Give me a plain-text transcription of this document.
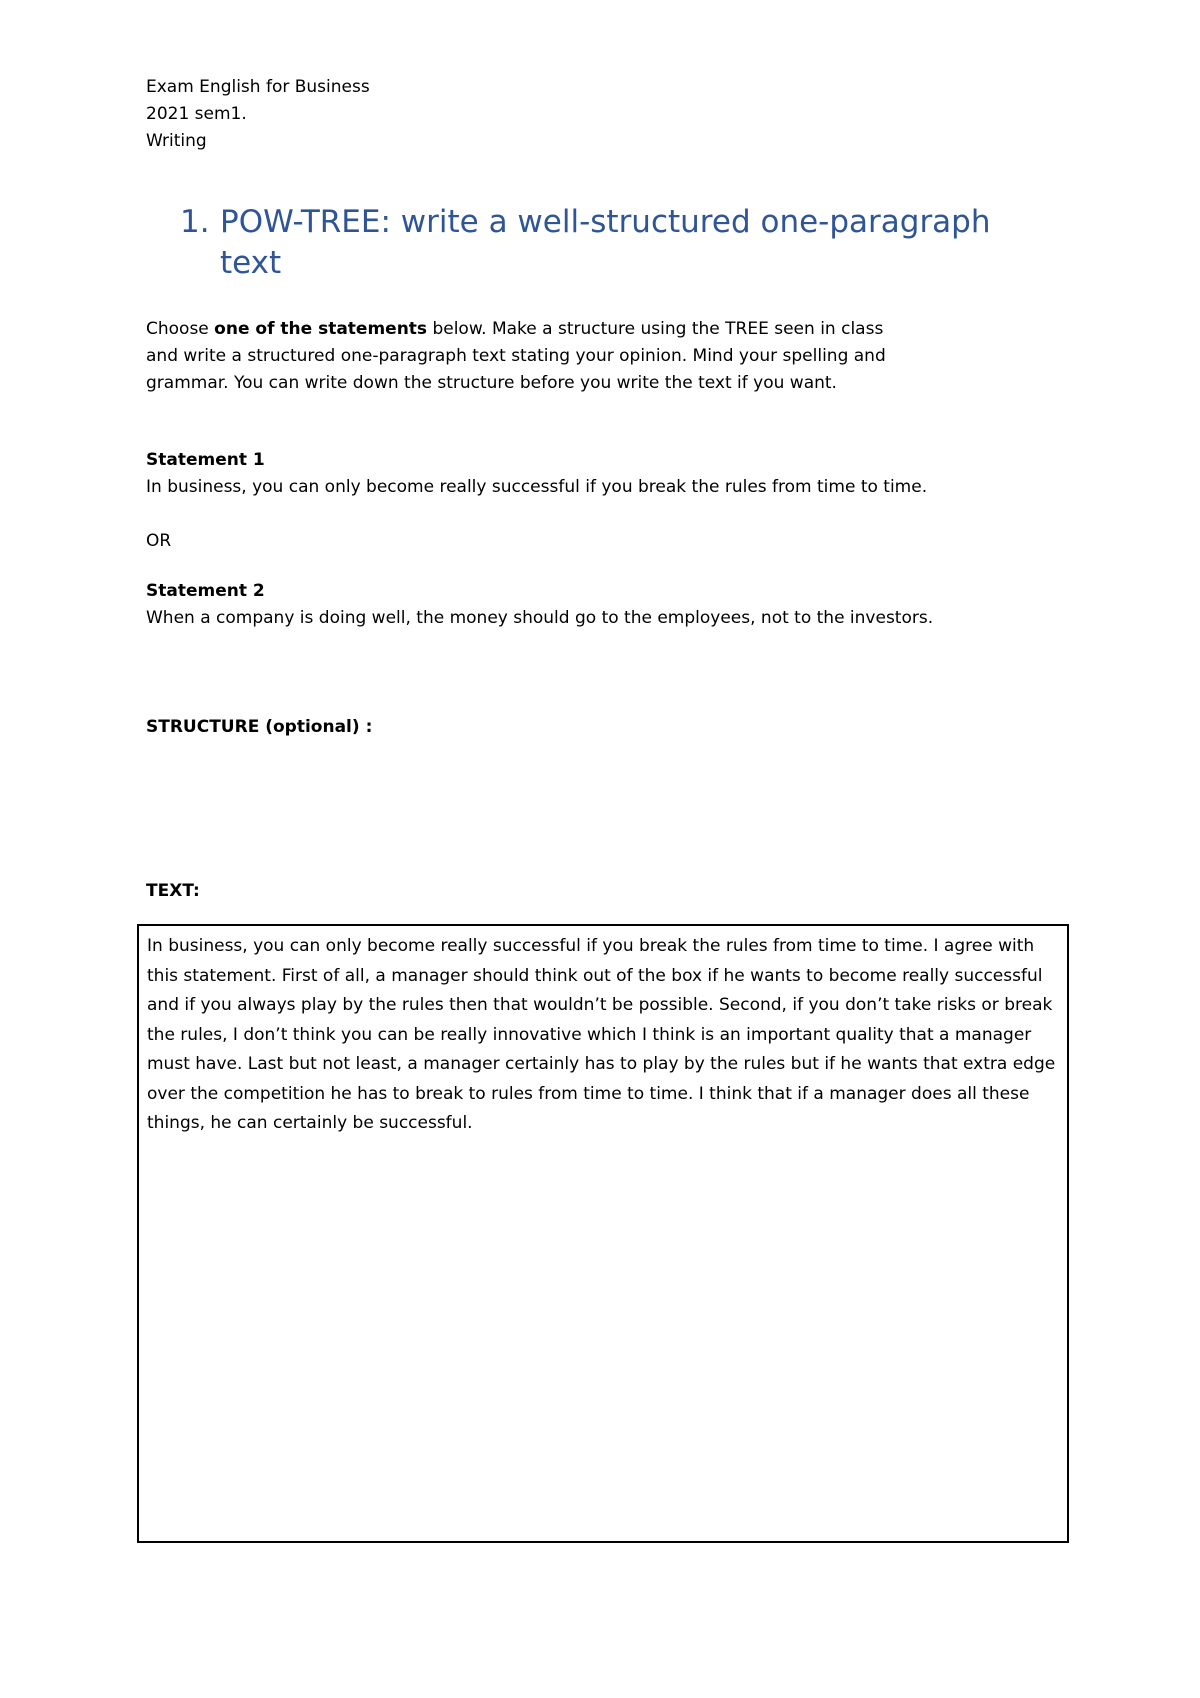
Exam English for Business
2021 sem1.
Writing
1. POW-TREE: write a well-structured one-paragraph text
Choose one of the statements below. Make a structure using the TREE seen in class and write a structured one-paragraph text stating your opinion. Mind your spelling and grammar. You can write down the structure before you write the text if you want.
Statement 1
In business, you can only become really successful if you break the rules from time to time.
OR
Statement 2
When a company is doing well, the money should go to the employees, not to the investors.
STRUCTURE (optional) :
TEXT:
In business, you can only become really successful if you break the rules from time to time. I agree with this statement. First of all, a manager should think out of the box if he wants to become really successful and if you always play by the rules then that wouldn’t be possible. Second, if you don’t take risks or break the rules, I don’t think you can be really innovative which I think is an important quality that a manager must have. Last but not least, a manager certainly has to play by the rules but if he wants that extra edge over the competition he has to break to rules from time to time. I think that if a manager does all these things, he can certainly be successful.
